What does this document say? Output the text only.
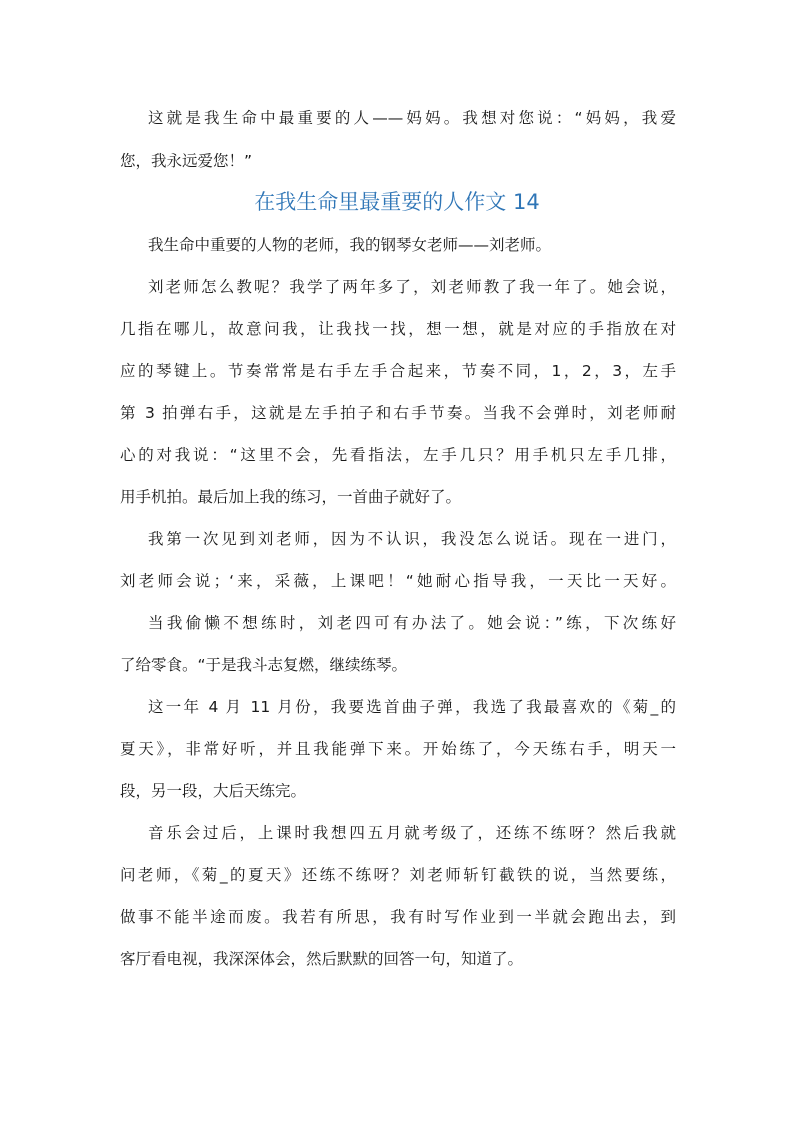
这就是我生命中最重要的人——妈妈。我想对您说：“妈妈，我爱
您，我永远爱您！”
在我生命里最重要的人作文 14
我生命中重要的人物的老师，我的钢琴女老师——刘老师。
刘老师怎么教呢？我学了两年多了，刘老师教了我一年了。她会说，
几指在哪儿，故意问我，让我找一找，想一想，就是对应的手指放在对
应的琴键上。节奏常常是右手左手合起来，节奏不同，1，2，3，左手
第 3 拍弹右手，这就是左手拍子和右手节奏。当我不会弹时，刘老师耐
心的对我说：“这里不会，先看指法，左手几只？用手机只左手几排，
用手机拍。最后加上我的练习，一首曲子就好了。
我第一次见到刘老师，因为不认识，我没怎么说话。现在一进门，
刘老师会说；‘来，采薇，上课吧！“她耐心指导我，一天比一天好。
当我偷懒不想练时，刘老四可有办法了。她会说：”练，下次练好
了给零食。“于是我斗志复燃，继续练琴。
这一年 4 月 11 月份，我要选首曲子弹，我选了我最喜欢的《菊_的
夏天》，非常好听，并且我能弹下来。开始练了，今天练右手，明天一
段，另一段，大后天练完。
音乐会过后，上课时我想四五月就考级了，还练不练呀？然后我就
问老师，《菊_的夏天》还练不练呀？刘老师斩钉截铁的说，当然要练，
做事不能半途而废。我若有所思，我有时写作业到一半就会跑出去，到
客厅看电视，我深深体会，然后默默的回答一句，知道了。
